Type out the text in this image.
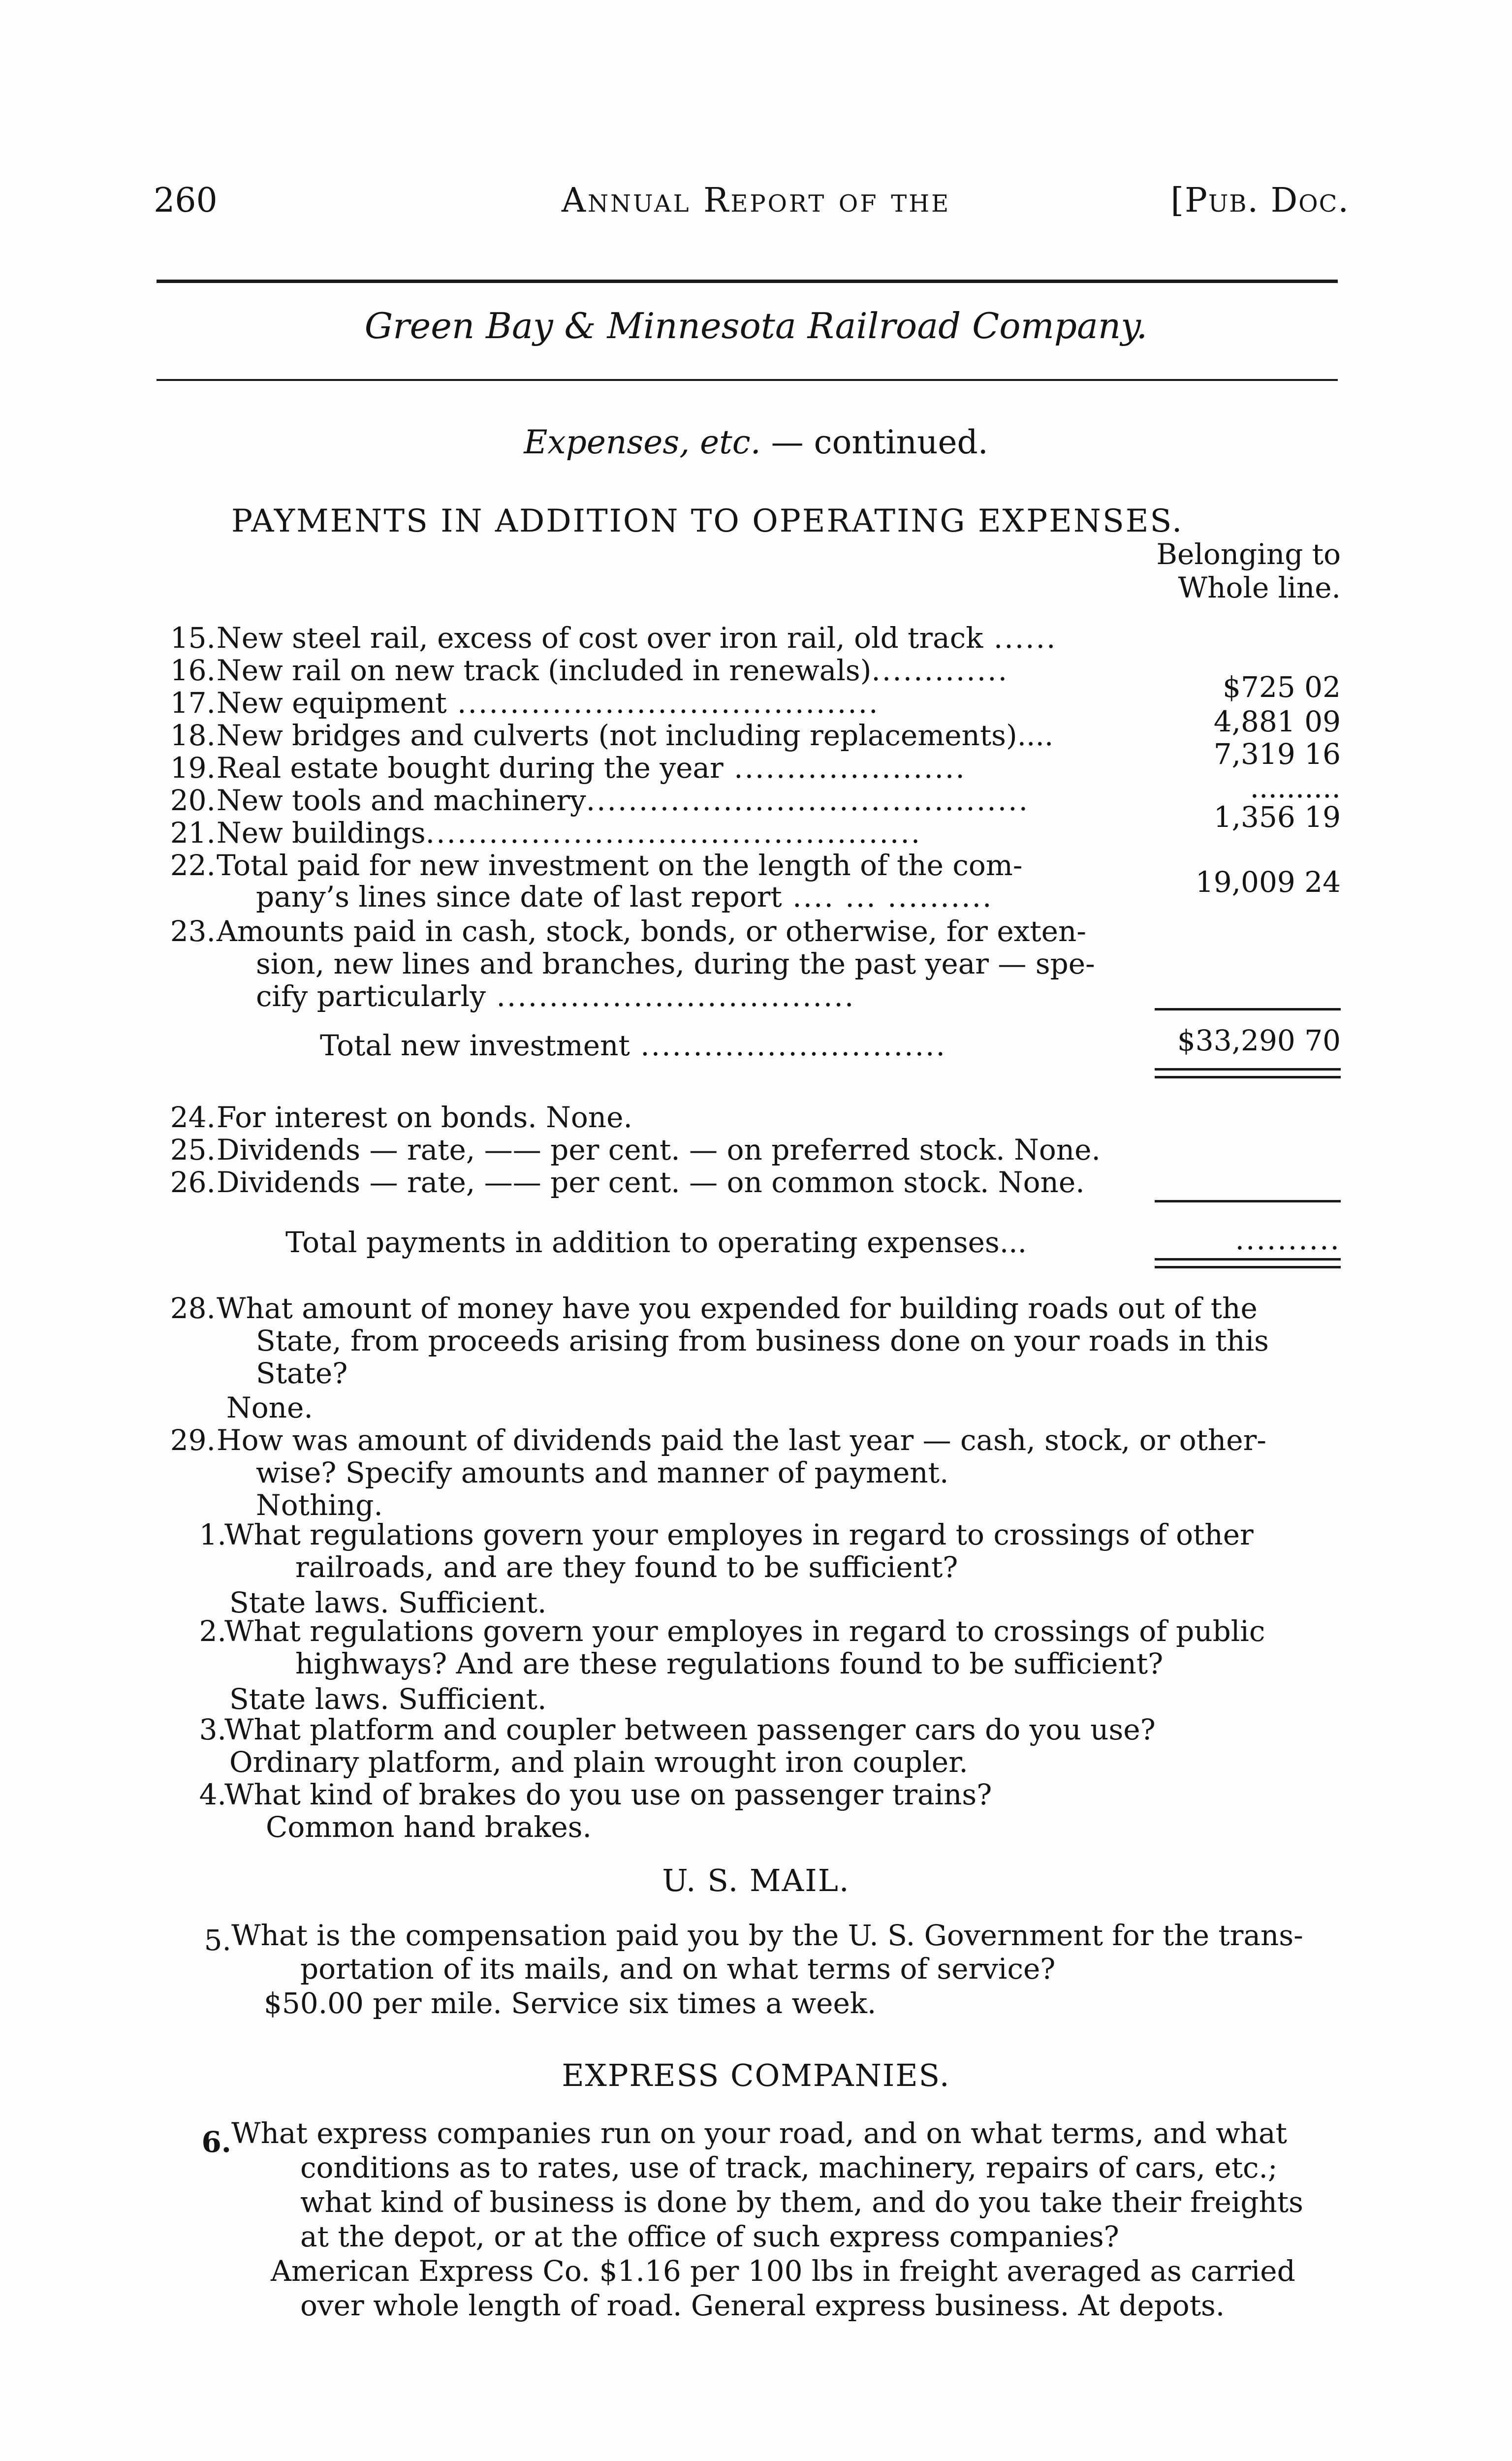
260	Annual Report of the	[Pub. Doc.
Green Bay & Minnesota Railroad Company.
Expenses, etc. — continued.
PAYMENTS IN ADDITION TO OPERATING EXPENSES.
Belonging to
Whole line.
15. New steel rail, excess of cost over iron rail, old track ......
16. New rail on new track (included in renewals).............
17. New equipment ........................................	$725 02
18. New bridges and culverts (not including replacements)....	4,881 09
19. Real estate bought during the year ......................	7,319 16
20. New tools and machinery..........................................	..........
21. New buildings...............................................	1,356 19
22. Total paid for new investment on the length of the com-
pany’s lines since date of last report .... ... ..........	19,009 24
23. Amounts paid in cash, stock, bonds, or otherwise, for exten-
sion, new lines and branches, during the past year — spe-
cify particularly ..................................
Total new investment .............................	$33,290 70
24. For interest on bonds. None.
25. Dividends — rate, —— per cent. — on preferred stock. None.
26. Dividends — rate, —— per cent. — on common stock. None.
Total payments in addition to operating expenses...	..........
28. What amount of money have you expended for building roads out of the
State, from proceeds arising from business done on your roads in this
State?
None.
29. How was amount of dividends paid the last year — cash, stock, or other-
wise? Specify amounts and manner of payment.
Nothing.
1.
What regulations govern your employes in regard to crossings of other
railroads, and are they found to be sufficient?
State laws. Sufficient.
2.
What regulations govern your employes in regard to crossings of public
highways? And are these regulations found to be sufficient?
State laws. Sufficient.
3.
What platform and coupler between passenger cars do you use?
Ordinary platform, and plain wrought iron coupler.
4.
What kind of brakes do you use on passenger trains?
Common hand brakes.
U. S. MAIL.
5. What is the compensation paid you by the U. S. Government for the trans-
portation of its mails, and on what terms of service?
$50.00 per mile. Service six times a week.
EXPRESS COMPANIES.
6. What express companies run on your road, and on what terms, and what
conditions as to rates, use of track, machinery, repairs of cars, etc.;
what kind of business is done by them, and do you take their freights
at the depot, or at the office of such express companies?
American Express Co. $1.16 per 100 lbs in freight averaged as carried
over whole length of road. General express business. At depots.
